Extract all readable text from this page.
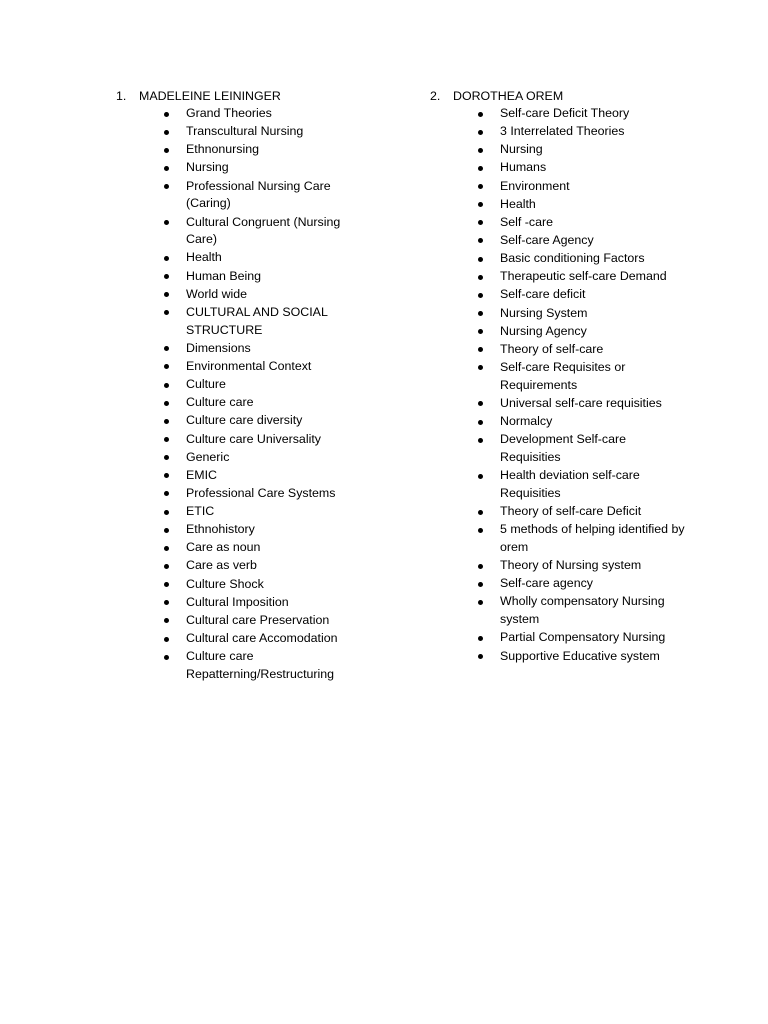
1.	MADELEINE LEININGER
Grand Theories
Transcultural Nursing
Ethnonursing
Nursing
Professional Nursing Care (Caring)
Cultural Congruent (Nursing Care)
Health
Human Being
World wide
CULTURAL AND SOCIAL STRUCTURE
Dimensions
Environmental Context
Culture
Culture care
Culture care diversity
Culture care Universality
Generic
EMIC
Professional Care Systems
ETIC
Ethnohistory
Care as noun
Care as verb
Culture Shock
Cultural Imposition
Cultural care Preservation
Cultural care Accomodation
Culture care Repatterning/Restructuring
2.	DOROTHEA OREM
Self-care Deficit Theory
3 Interrelated Theories
Nursing
Humans
Environment
Health
Self -care
Self-care Agency
Basic conditioning Factors
Therapeutic self-care Demand
Self-care deficit
Nursing System
Nursing Agency
Theory of self-care
Self-care Requisites or Requirements
Universal self-care requisities
Normalcy
Development Self-care Requisities
Health deviation self-care Requisities
Theory of self-care Deficit
5 methods of helping identified by orem
Theory of Nursing system
Self-care agency
Wholly compensatory Nursing system
Partial Compensatory Nursing
Supportive Educative system
